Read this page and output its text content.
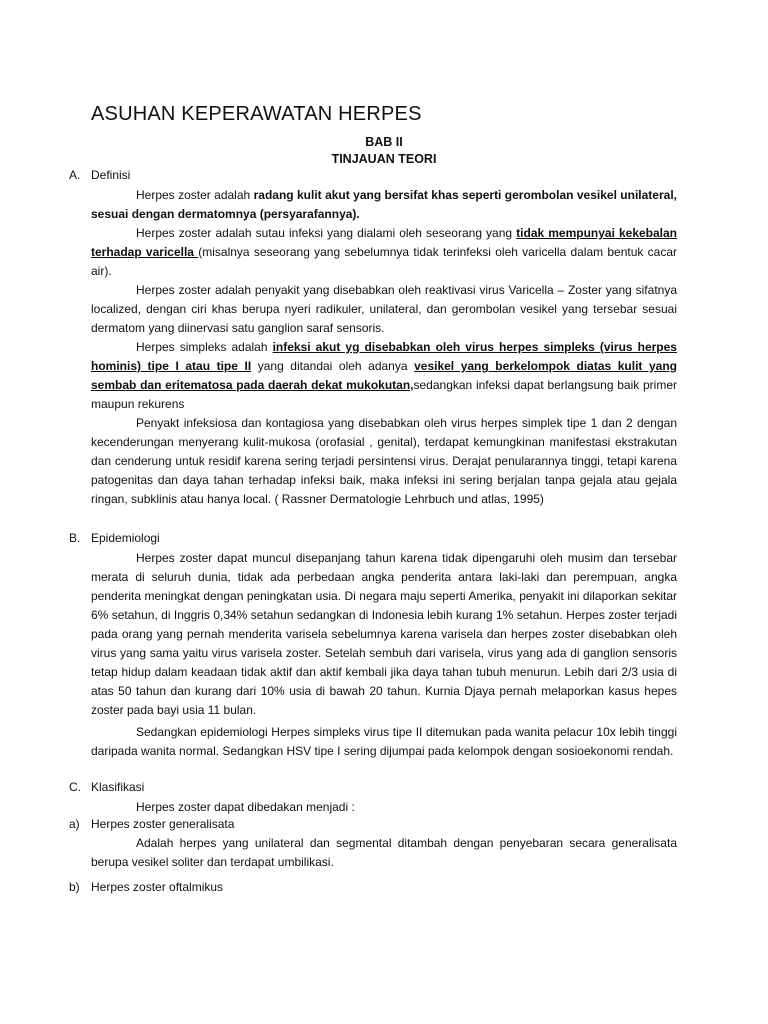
ASUHAN KEPERAWATAN HERPES
BAB II
TINJAUAN TEORI
A. Definisi
Herpes zoster adalah radang kulit akut yang bersifat khas seperti gerombolan vesikel unilateral, sesuai dengan dermatomnya (persyarafannya).
Herpes zoster adalah sutau infeksi yang dialami oleh seseorang yang tidak mempunyai kekebalan terhadap varicella (misalnya seseorang yang sebelumnya tidak terinfeksi oleh varicella dalam bentuk cacar air).
Herpes zoster adalah penyakit yang disebabkan oleh reaktivasi virus Varicella – Zoster yang sifatnya localized, dengan ciri khas berupa nyeri radikuler, unilateral, dan gerombolan vesikel yang tersebar sesuai dermatom yang diinervasi satu ganglion saraf sensoris.
Herpes simpleks adalah infeksi akut yg disebabkan oleh virus herpes simpleks (virus herpes hominis) tipe I atau tipe II yang ditandai oleh adanya vesikel yang berkelompok diatas kulit yang sembab dan eritematosa pada daerah dekat mukokutan,sedangkan infeksi dapat berlangsung baik primer maupun rekurens
Penyakt infeksiosa dan kontagiosa yang disebabkan oleh virus herpes simplek tipe 1 dan 2 dengan kecenderungan menyerang kulit-mukosa (orofasial , genital), terdapat kemungkinan manifestasi ekstrakutan dan cenderung untuk residif karena sering terjadi persintensi virus. Derajat penularannya tinggi, tetapi karena patogenitas dan daya tahan terhadap infeksi baik, maka infeksi ini sering berjalan tanpa gejala atau gejala ringan, subklinis atau hanya local. ( Rassner Dermatologie Lehrbuch und atlas, 1995)
B. Epidemiologi
Herpes zoster dapat muncul disepanjang tahun karena tidak dipengaruhi oleh musim dan tersebar merata di seluruh dunia, tidak ada perbedaan angka penderita antara laki-laki dan perempuan, angka penderita meningkat dengan peningkatan usia. Di negara maju seperti Amerika, penyakit ini dilaporkan sekitar 6% setahun, di Inggris 0,34% setahun sedangkan di Indonesia lebih kurang 1% setahun. Herpes zoster terjadi pada orang yang pernah menderita varisela sebelumnya karena varisela dan herpes zoster disebabkan oleh virus yang sama yaitu virus varisela zoster. Setelah sembuh dari varisela, virus yang ada di ganglion sensoris tetap hidup dalam keadaan tidak aktif dan aktif kembali jika daya tahan tubuh menurun. Lebih dari 2/3 usia di atas 50 tahun dan kurang dari 10% usia di bawah 20 tahun. Kurnia Djaya pernah melaporkan kasus hepes zoster pada bayi usia 11 bulan.
Sedangkan epidemiologi Herpes simpleks virus tipe II ditemukan pada wanita pelacur 10x lebih tinggi daripada wanita normal. Sedangkan HSV tipe I sering dijumpai pada kelompok dengan sosioekonomi rendah.
C. Klasifikasi
Herpes zoster dapat dibedakan menjadi :
a) Herpes zoster generalisata
Adalah herpes yang unilateral dan segmental ditambah dengan penyebaran secara generalisata berupa vesikel soliter dan terdapat umbilikasi.
b) Herpes zoster oftalmikus
